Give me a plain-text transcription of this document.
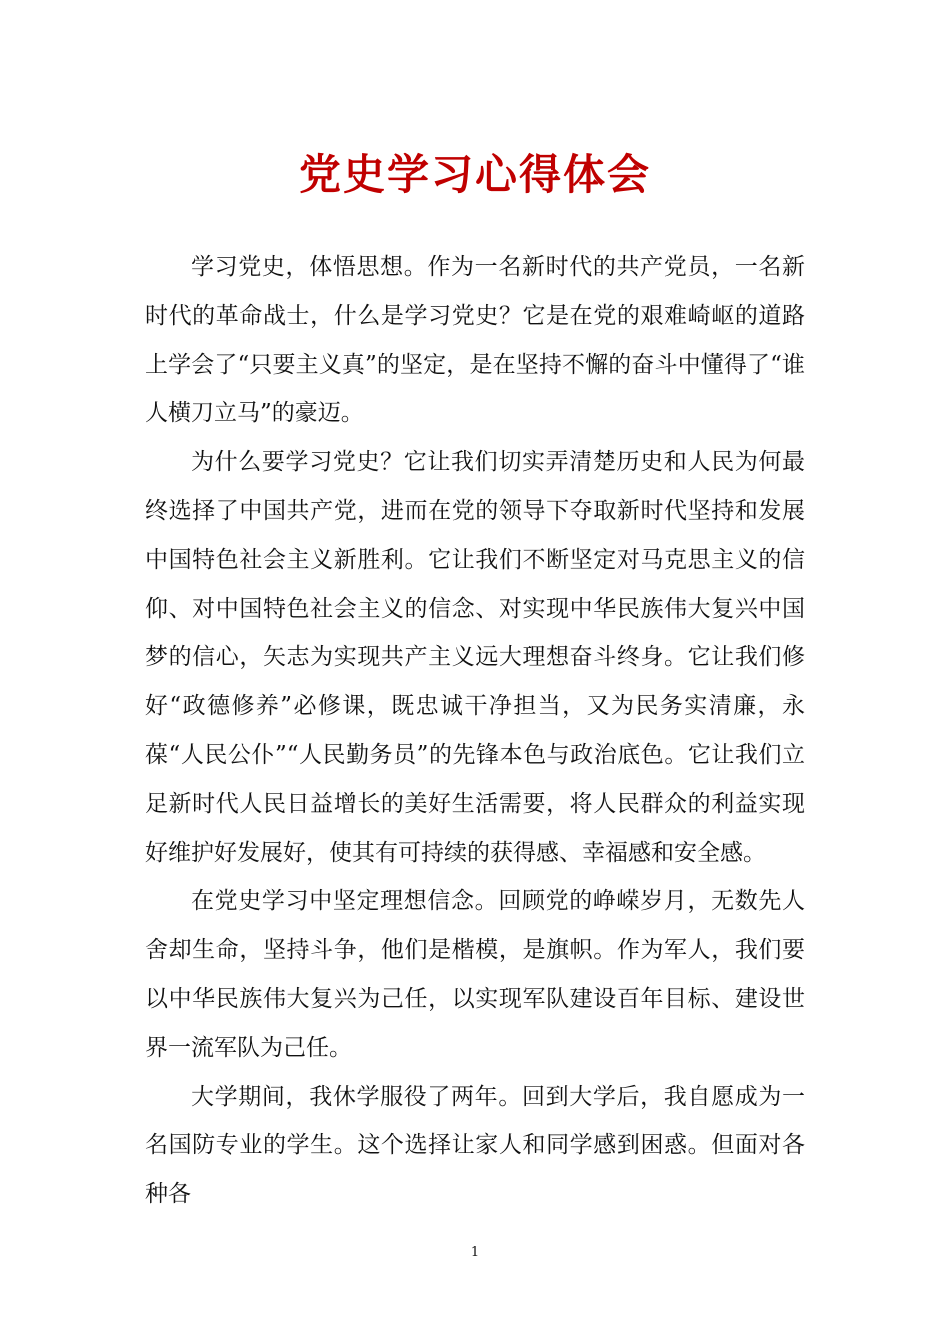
党史学习心得体会

学习党史，体悟思想。作为一名新时代的共产党员，一名新时代的革命战士，什么是学习党史？它是在党的艰难崎岖的道路上学会了“只要主义真”的坚定，是在坚持不懈的奋斗中懂得了“谁人横刀立马”的豪迈。

为什么要学习党史？它让我们切实弄清楚历史和人民为何最终选择了中国共产党，进而在党的领导下夺取新时代坚持和发展中国特色社会主义新胜利。它让我们不断坚定对马克思主义的信仰、对中国特色社会主义的信念、对实现中华民族伟大复兴中国梦的信心，矢志为实现共产主义远大理想奋斗终身。它让我们修好“政德修养”必修课，既忠诚干净担当，又为民务实清廉，永葆“人民公仆”“人民勤务员”的先锋本色与政治底色。它让我们立足新时代人民日益增长的美好生活需要，将人民群众的利益实现好维护好发展好，使其有可持续的获得感、幸福感和安全感。

在党史学习中坚定理想信念。回顾党的峥嵘岁月，无数先人舍却生命，坚持斗争，他们是楷模，是旗帜。作为军人，我们要以中华民族伟大复兴为己任，以实现军队建设百年目标、建设世界一流军队为己任。

大学期间，我休学服役了两年。回到大学后，我自愿成为一名国防专业的学生。这个选择让家人和同学感到困惑。但面对各种各

1
